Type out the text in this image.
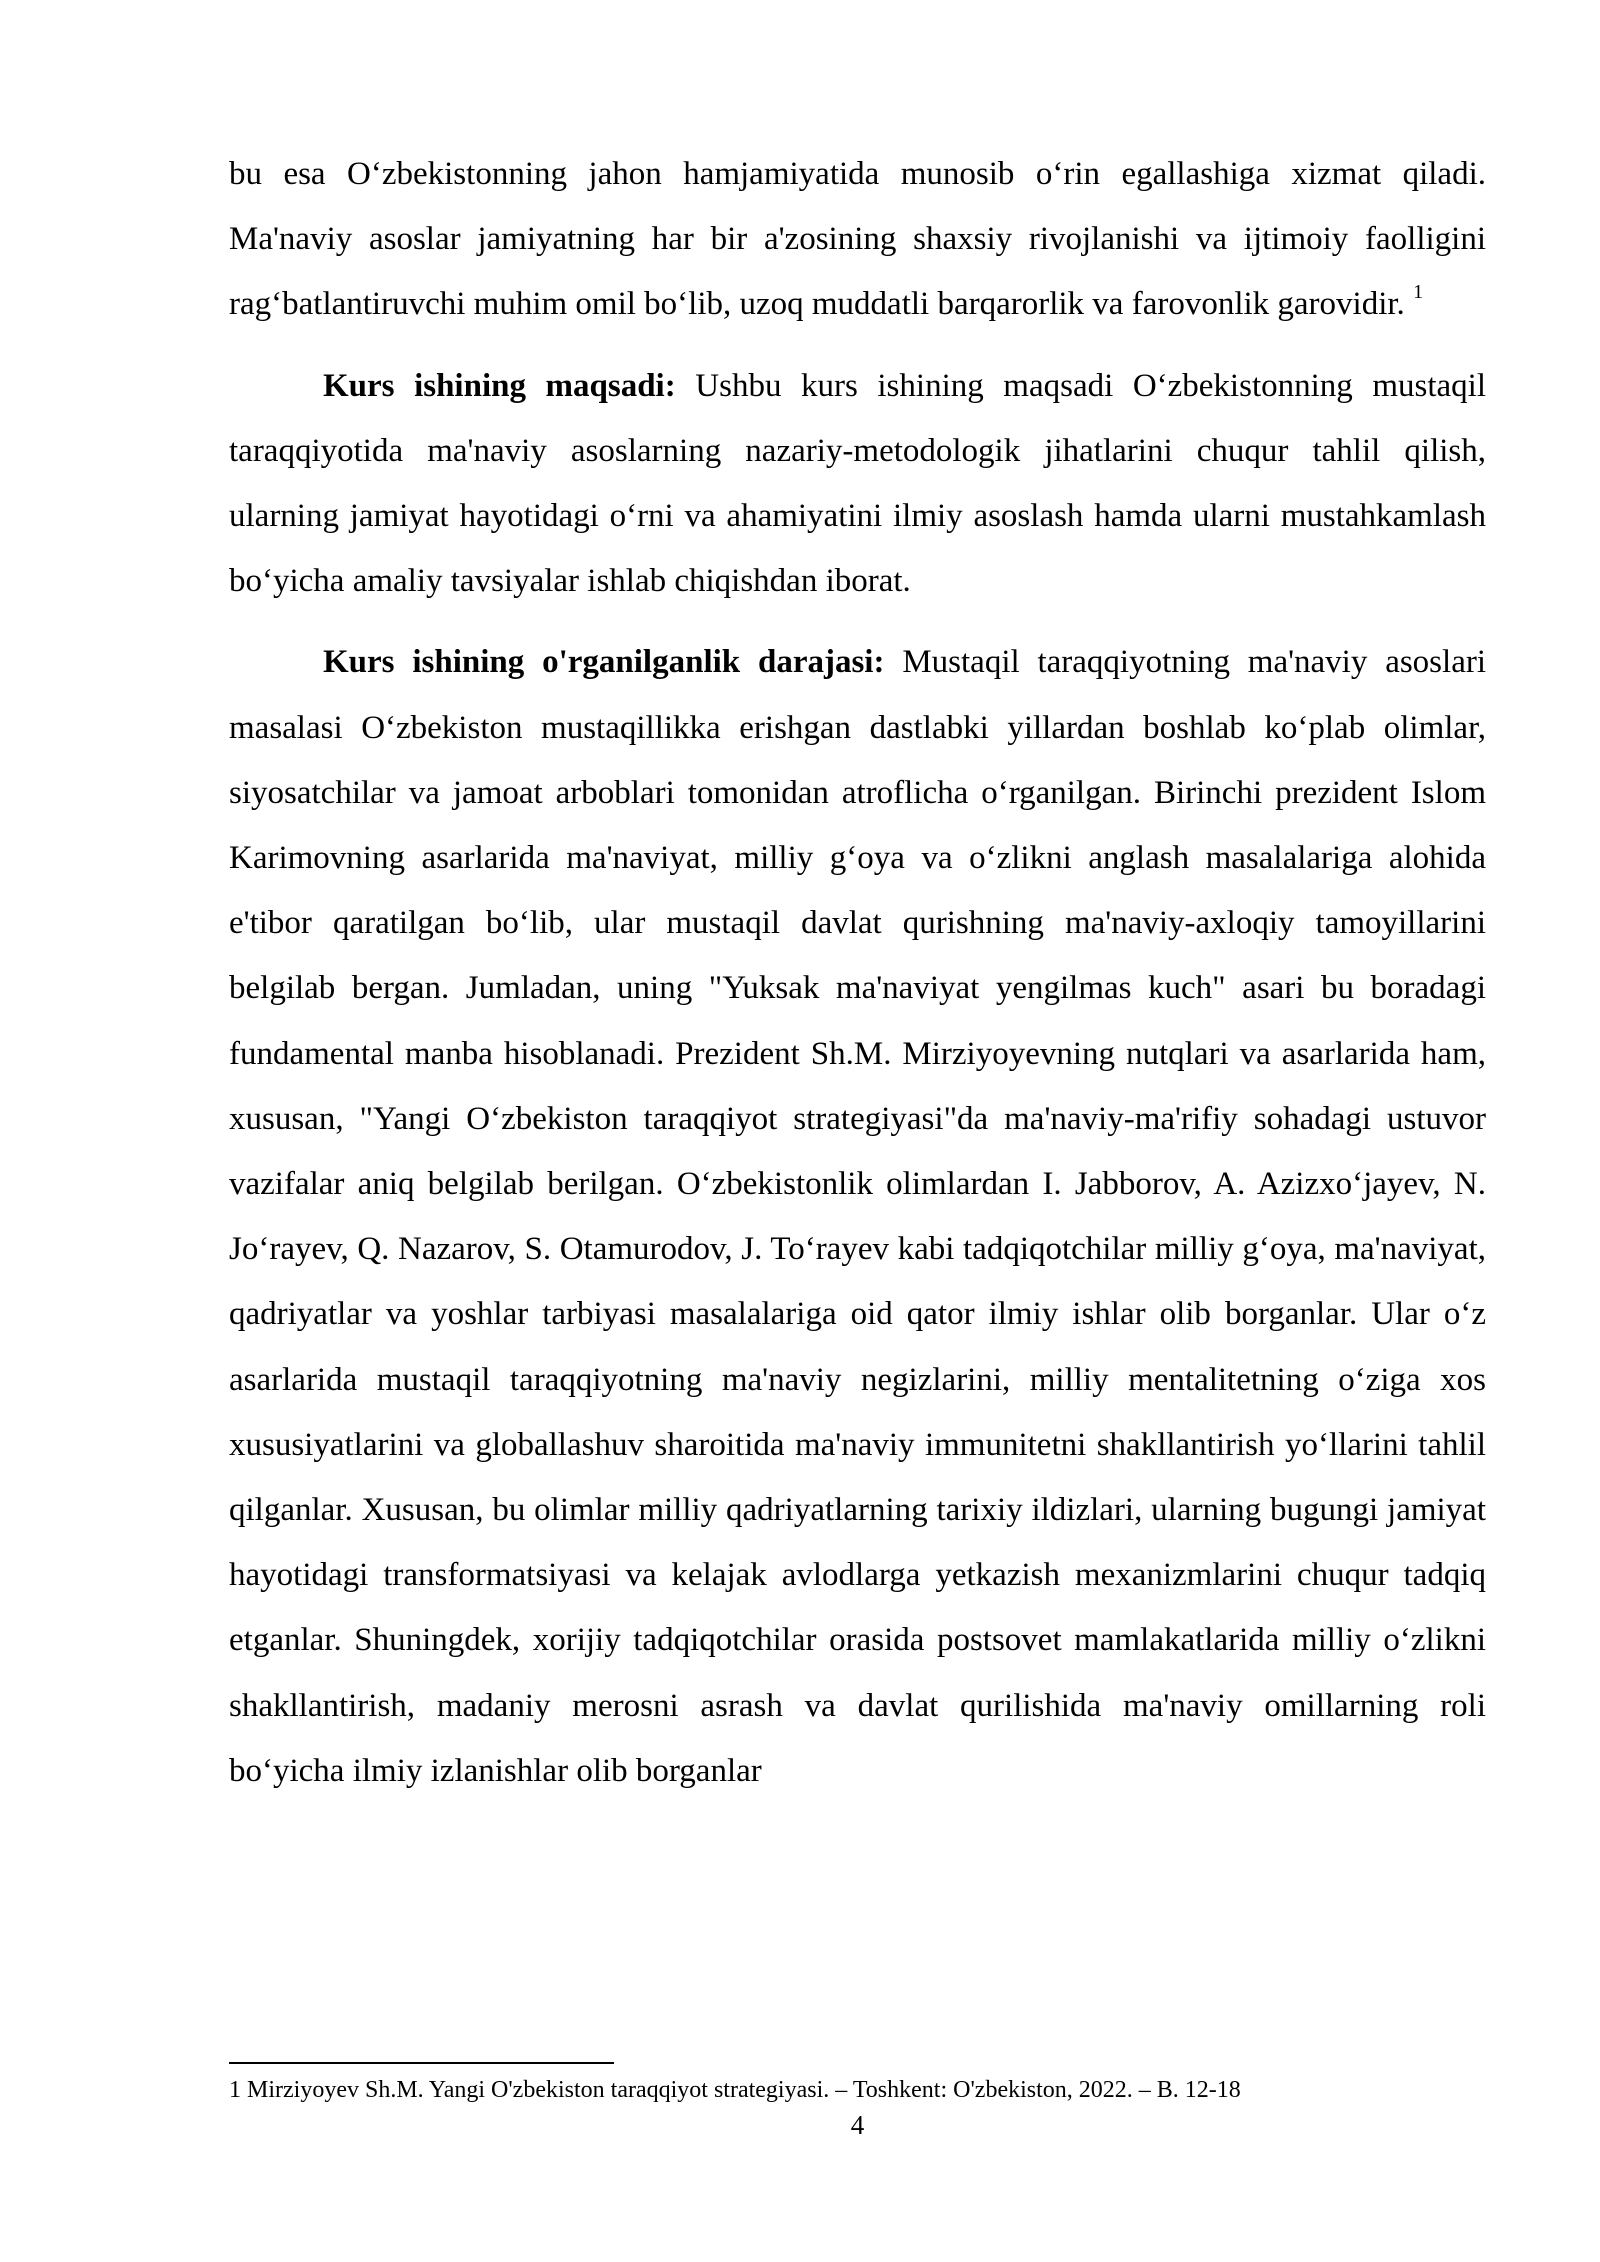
bu esa O‘zbekistonning jahon hamjamiyatida munosib o‘rin egallashiga xizmat qiladi. Ma'naviy asoslar jamiyatning har bir a'zosining shaxsiy rivojlanishi va ijtimoiy faolligini rag‘batlantiruvchi muhim omil bo‘lib, uzoq muddatli barqarorlik va farovonlik garovidir. $^1$

Kurs ishining maqsadi: Ushbu kurs ishining maqsadi O‘zbekistonning mustaqil taraqqiyotida ma'naviy asoslarning nazariy-metodologik jihatlarini chuqur tahlil qilish, ularning jamiyat hayotidagi o‘rni va ahamiyatini ilmiy asoslash hamda ularni mustahkamlash bo‘yicha amaliy tavsiyalar ishlab chiqishdan iborat.

Kurs ishining o'rganilganlik darajasi: Mustaqil taraqqiyotning ma'naviy asoslari masalasi O‘zbekiston mustaqillikka erishgan dastlabki yillardan boshlab ko‘plab olimlar, siyosatchilar va jamoat arboblari tomonidan atroflicha o‘rganilgan. Birinchi prezident Islom Karimovning asarlarida ma'naviyat, milliy g‘oya va o‘zlikni anglash masalalariga alohida e'tibor qaratilgan bo‘lib, ular mustaqil davlat qurishning ma'naviy-axloqiy tamoyillarini belgilab bergan. Jumladan, uning "Yuksak ma'naviyat yengilmas kuch" asari bu boradagi fundamental manba hisoblanadi. Prezident Sh.M. Mirziyoyevning nutqlari va asarlarida ham, xususan, "Yangi O‘zbekiston taraqqiyot strategiyasi"da ma'naviy-ma'rifiy sohadagi ustuvor vazifalar aniq belgilab berilgan. O‘zbekistonlik olimlardan I. Jabborov, A. Azizxo‘jayev, N. Jo‘rayev, Q. Nazarov, S. Otamurodov, J. To‘rayev kabi tadqiqotchilar milliy g‘oya, ma'naviyat, qadriyatlar va yoshlar tarbiyasi masalalariga oid qator ilmiy ishlar olib borganlar. Ular o‘z asarlarida mustaqil taraqqiyotning ma'naviy negizlarini, milliy mentalitetning o‘ziga xos xususiyatlarini va globallashuv sharoitida ma'naviy immunitetni shakllantirish yo‘llarini tahlil qilganlar. Xususan, bu olimlar milliy qadriyatlarning tarixiy ildizlari, ularning bugungi jamiyat hayotidagi transformatsiyasi va kelajak avlodlarga yetkazish mexanizmlarini chuqur tadqiq etganlar. Shuningdek, xorijiy tadqiqotchilar orasida postsovet mamlakatlarida milliy o‘zlikni shakllantirish, madaniy merosni asrash va davlat qurilishida ma'naviy omillarning roli bo‘yicha ilmiy izlanishlar olib borganlar

1 Mirziyoyev Sh.M. Yangi O'zbekiston taraqqiyot strategiyasi. – Toshkent: O'zbekiston, 2022. – B. 12-18
4
